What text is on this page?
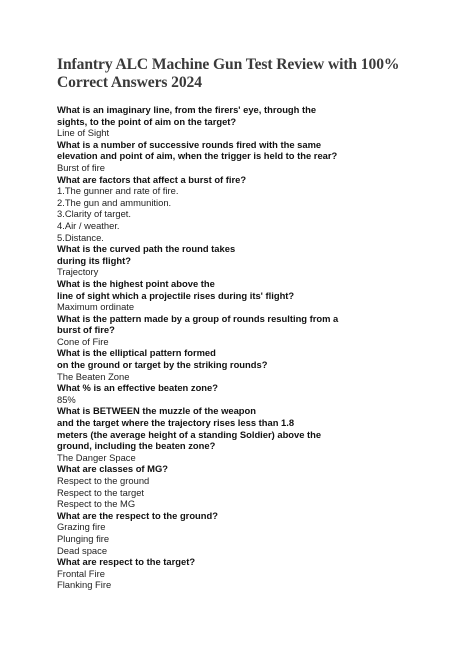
Infantry ALC Machine Gun Test Review with 100%
Correct Answers 2024
What is an imaginary line, from the firers' eye, through the
sights, to the point of aim on the target?
Line of Sight
What is a number of successive rounds fired with the same
elevation and point of aim, when the trigger is held to the rear?
Burst of fire
What are factors that affect a burst of fire?
1.The gunner and rate of fire.
2.The gun and ammunition.
3.Clarity of target.
4.Air / weather.
5.Distance.
What is the curved path the round takes
during its flight?
Trajectory
What is the highest point above the
line of sight which a projectile rises during its' flight?
Maximum ordinate
What is the pattern made by a group of rounds resulting from a
burst of fire?
Cone of Fire
What is the elliptical pattern formed
on the ground or target by the striking rounds?
The Beaten Zone
What % is an effective beaten zone?
85%
What is BETWEEN the muzzle of the weapon
and the target where the trajectory rises less than 1.8
meters (the average height of a standing Soldier) above the
ground, including the beaten zone?
The Danger Space
What are classes of MG?
Respect to the ground
Respect to the target
Respect to the MG
What are the respect to the ground?
Grazing fire
Plunging fire
Dead space
What are respect to the target?
Frontal Fire
Flanking Fire
